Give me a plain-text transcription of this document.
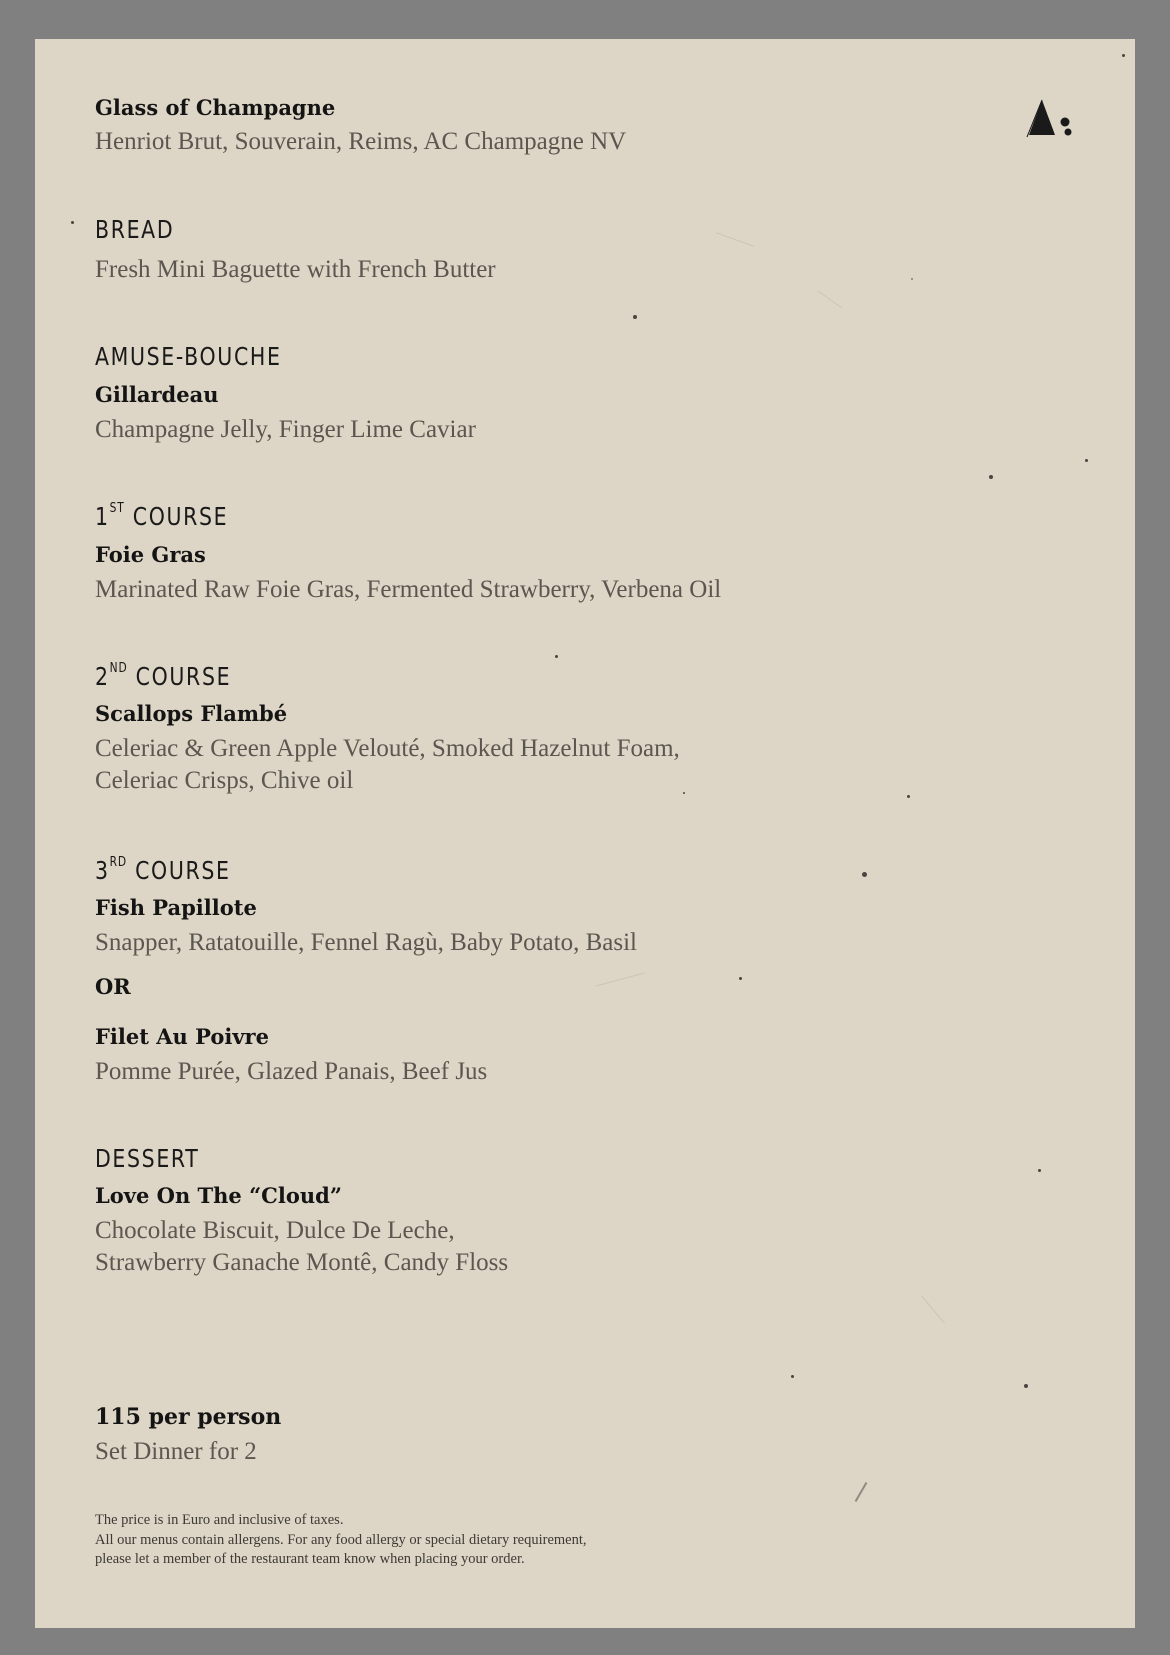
Glass of Champagne
Henriot Brut, Souverain, Reims, AC Champagne NV
BREAD
Fresh Mini Baguette with French Butter
AMUSE-BOUCHE
Gillardeau
Champagne Jelly, Finger Lime Caviar
1ST COURSE
Foie Gras
Marinated Raw Foie Gras, Fermented Strawberry, Verbena Oil
2ND COURSE
Scallops Flambé
Celeriac & Green Apple Velouté, Smoked Hazelnut Foam,
Celeriac Crisps, Chive oil
3RD COURSE
Fish Papillote
Snapper, Ratatouille, Fennel Ragù, Baby Potato, Basil
OR
Filet Au Poivre
Pomme Purée, Glazed Panais, Beef Jus
DESSERT
Love On The “Cloud”
Chocolate Biscuit, Dulce De Leche,
Strawberry Ganache Montê, Candy Floss
115 per person
Set Dinner for 2
The price is in Euro and inclusive of taxes.
All our menus contain allergens. For any food allergy or special dietary requirement,
please let a member of the restaurant team know when placing your order.
